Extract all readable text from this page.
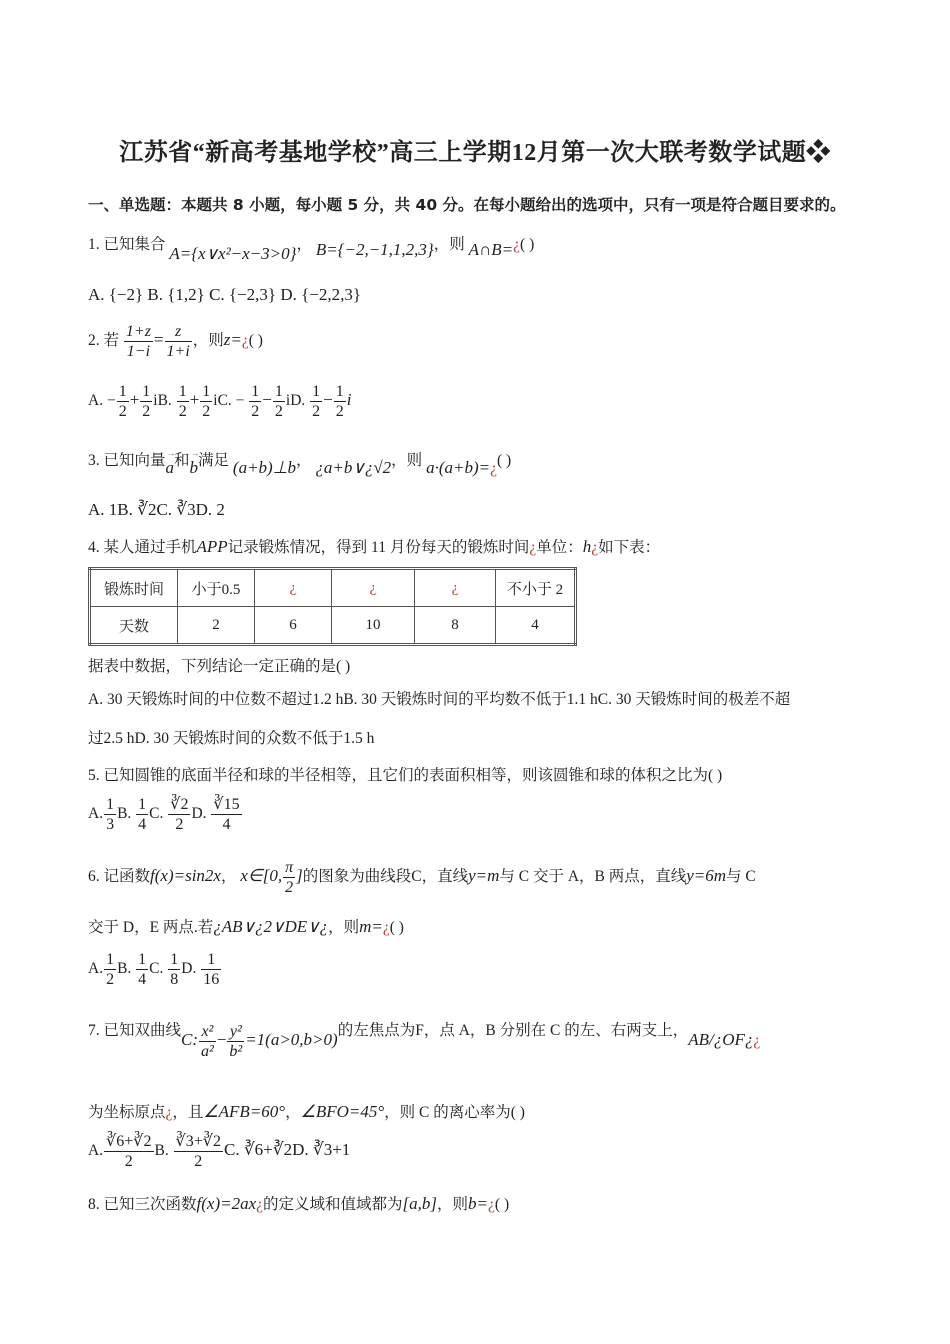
江苏省“新高考基地学校”高三上学期12月第一次大联考数学试题❖
一、单选题：本题共 8 小题，每小题 5 分，共 40 分。在每小题给出的选项中，只有一项是符合题目要求的。
1. 已知集合 A={x∨x²−x−3>0}， B={−2,−1,1,2,3}，则 A∩B=¿( )
A. {−2} B. {1,2} C. {−2,3} D. {−2,2,3}
2. 若 $\frac{1+z}{1-i} = \frac{z}{1+i}$ ，则z=¿( )
A. − $\frac{1}{2} + \frac{1}{2}$ iB. $\frac{1}{2} + \frac{1}{2}$ iC. − $\frac{1}{2} - \frac{1}{2}$ iD. $\frac{1}{2} - \frac{1}{2}$ i
3. 已知向量→ a和→ b满足 (a+b)⊥b， ¿a+b∨¿√2，则 a·(a+b)=¿( )
A. 1B. ∛2C. ∛3D. 2
4. 某人通过手机APP记录锻炼情况，得到 11 月份每天的锻炼时间¿单位：h¿如下表：
锻炼时间	小于0.5	¿	¿	¿	不小于 2
天数	2	6	10	8	4
据表中数据，下列结论一定正确的是( )
A. 30 天锻炼时间的中位数不超过1.2 hB. 30 天锻炼时间的平均数不低于1.1 hC. 30 天锻炼时间的极差不超
过2.5 hD. 30 天锻炼时间的众数不低于1.5 h
5. 已知圆锥的底面半径和球的半径相等，且它们的表面积相等，则该圆锥和球的体积之比为( )
A. $\frac{1}{3} B$. $\frac{1}{4} C$. $\frac{∛2}{2} D$. $\frac{∛15}{4}$
6. 记函数f(x)=sin2x， x∈[0, $\frac{\pi}{2}$ ]的图象为曲线段C，直线y=m与 C 交于 A，B 两点，直线y=6m与 C
交于 D，E 两点.若¿AB∨¿2∨DE∨¿，则m=¿( )
A. $\frac{1}{2} B$. $\frac{1}{4} C$. $\frac{1}{8} D$. $\frac{1}{16}$
7. 已知双曲线C: $\frac{\text{x²}}{\text{a²}} - \frac{\text{y²}}{\text{b²}} =1(a>0,b>0)$的左焦点为F，点 A，B 分别在 C 的左、右两支上，AB/¿OF¿¿
为坐标原点¿，且∠AFB=60°，∠BFO=45°，则 C 的离心率为( )
A. $\frac{∛6+∛2}{2} B$. $\frac{∛3+∛2}{2} C$. ∛6+∛2D. ∛3+1
8. 已知三次函数f(x)=2ax¿的定义域和值域都为[a,b]，则b=¿( )
